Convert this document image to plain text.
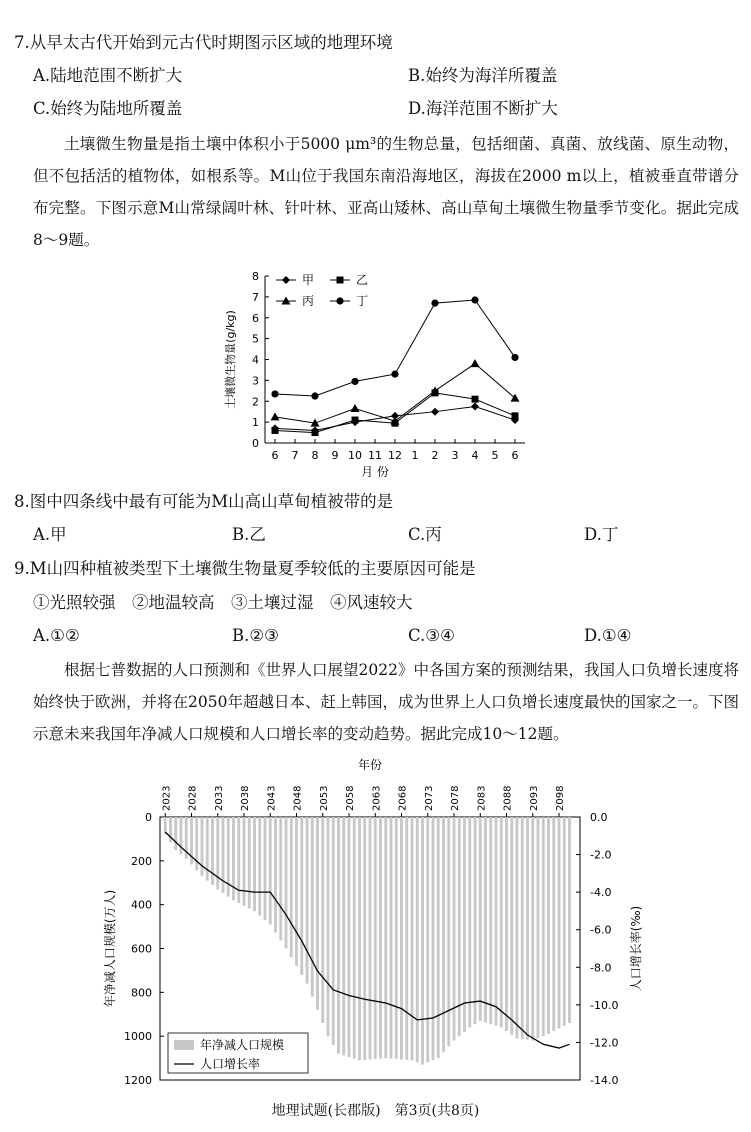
7.从早太古代开始到元古代时期图示区域的地理环境
A.陆地范围不断扩大	B.始终为海洋所覆盖
C.始终为陆地所覆盖	D.海洋范围不断扩大
土壤微生物量是指土壤中体积小于5000 μm³的生物总量，包括细菌、真菌、放线菌、原生动物，但不包括活的植物体，如根系等。M山位于我国东南沿海地区，海拔在2000 m以上，植被垂直带谱分布完整。下图示意M山常绿阔叶林、针叶林、亚高山矮林、高山草甸土壤微生物量季节变化。据此完成8～9题。
0
1
2
3
4
5
6
7
8
6 7 8 9 10 11 12 1 2 3 4 5 6
月 份
土壤微生物量(g/kg)
甲	乙
丙	丁
8.图中四条线中最有可能为M山高山草甸植被带的是
A.甲	B.乙	C.丙	D.丁
9.M山四种植被类型下土壤微生物量夏季较低的主要原因可能是
①光照较强　②地温较高　③土壤过湿　④风速较大
A.①②	B.②③	C.③④	D.①④
根据七普数据的人口预测和《世界人口展望2022》中各国方案的预测结果，我国人口负增长速度将始终快于欧洲，并将在2050年超越日本、赶上韩国，成为世界上人口负增长速度最快的国家之一。下图示意未来我国年净减人口规模和人口增长率的变动趋势。据此完成10～12题。
年份
2023 2028 2033 2038 2043 2048 2053 2058 2063 2068 2073 2078 2083 2088 2093 2098
0
200
400
600
800
1000
1200
年净减人口规模(万人)
0.0
-2.0
-4.0
-6.0
-8.0
-10.0
-12.0
-14.0
人口增长率(‰)
年净减人口规模
人口增长率
地理试题(长郡版)　第3页(共8页)
